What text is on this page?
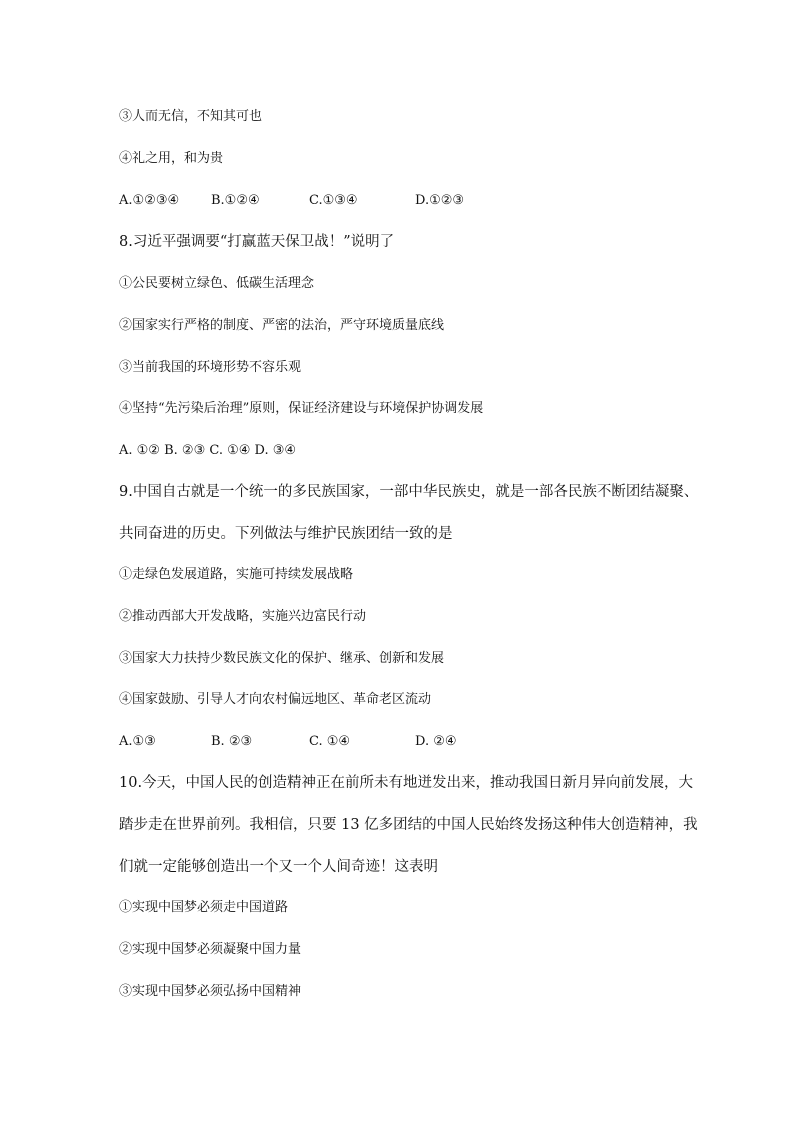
③人而无信，不知其可也
④礼之用，和为贵
A.①②③④ B.①②④	C.①③④	D.①②③
8.习近平强调要“打赢蓝天保卫战！”说明了
①公民要树立绿色、低碳生活理念
②国家实行严格的制度、严密的法治，严守环境质量底线
③当前我国的环境形势不容乐观
④坚持“先污染后治理”原则，保证经济建设与环境保护协调发展
A. ①② B. ②③ C. ①④ D. ③④
9.中国自古就是一个统一的多民族国家，一部中华民族史，就是一部各民族不断团结凝聚、
共同奋进的历史。下列做法与维护民族团结一致的是
①走绿色发展道路，实施可持续发展战略
②推动西部大开发战略，实施兴边富民行动
③国家大力扶持少数民族文化的保护、继承、创新和发展
④国家鼓励、引导人才向农村偏远地区、革命老区流动
A.①③	B. ②③	C. ①④	D. ②④
10.今天，中国人民的创造精神正在前所未有地迸发出来，推动我国日新月异向前发展，大
踏步走在世界前列。我相信，只要 13 亿多团结的中国人民始终发扬这种伟大创造精神，我
们就一定能够创造出一个又一个人间奇迹！这表明
①实现中国梦必须走中国道路
②实现中国梦必须凝聚中国力量
③实现中国梦必须弘扬中国精神
